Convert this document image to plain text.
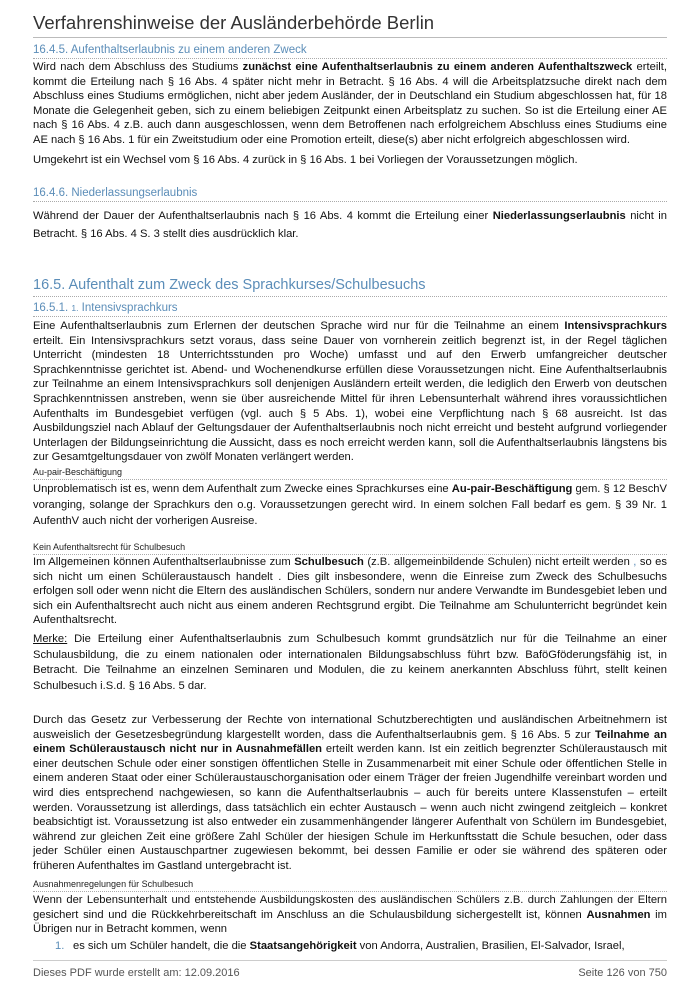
Verfahrenshinweise der Ausländerbehörde Berlin
16.4.5. Aufenthaltserlaubnis zu einem anderen Zweck
Wird nach dem Abschluss des Studiums zunächst eine Aufenthaltserlaubnis zu einem anderen Aufenthaltszweck erteilt, kommt die Erteilung nach § 16 Abs. 4 später nicht mehr in Betracht. § 16 Abs. 4 will die Arbeitsplatzsuche direkt nach dem Abschluss eines Studiums ermöglichen, nicht aber jedem Ausländer, der in Deutschland ein Studium abgeschlossen hat, für 18 Monate die Gelegenheit geben, sich zu einem beliebigen Zeitpunkt einen Arbeitsplatz zu suchen. So ist die Erteilung einer AE nach § 16 Abs. 4 z.B. auch dann ausgeschlossen, wenn dem Betroffenen nach erfolgreichem Abschluss eines Studiums eine AE nach § 16 Abs. 1 für ein Zweitstudium oder eine Promotion erteilt, diese(s) aber nicht erfolgreich abgeschlossen wird.
Umgekehrt ist ein Wechsel vom § 16 Abs. 4 zurück in § 16 Abs. 1 bei Vorliegen der Voraussetzungen möglich.
16.4.6. Niederlassungserlaubnis
Während der Dauer der Aufenthaltserlaubnis nach § 16 Abs. 4 kommt die Erteilung einer Niederlassungserlaubnis nicht in Betracht. § 16 Abs. 4 S. 3 stellt dies ausdrücklich klar.
16.5. Aufenthalt zum Zweck des Sprachkurses/Schulbesuchs
16.5.1. 1. Intensivsprachkurs
Eine Aufenthaltserlaubnis zum Erlernen der deutschen Sprache wird nur für die Teilnahme an einem Intensivsprachkurs erteilt. Ein Intensivsprachkurs setzt voraus, dass seine Dauer von vornherein zeitlich begrenzt ist, in der Regel täglichen Unterricht (mindesten 18 Unterrichtsstunden pro Woche) umfasst und auf den Erwerb umfangreicher deutscher Sprachkenntnisse gerichtet ist. Abend- und Wochenendkurse erfüllen diese Voraussetzungen nicht. Eine Aufenthaltserlaubnis zur Teilnahme an einem Intensivsprachkurs soll denjenigen Ausländern erteilt werden, die lediglich den Erwerb von deutschen Sprachkenntnissen anstreben, wenn sie über ausreichende Mittel für ihren Lebensunterhalt während ihres voraussichtlichen Aufenthalts im Bundesgebiet verfügen (vgl. auch § 5 Abs. 1), wobei eine Verpflichtung nach § 68 ausreicht. Ist das Ausbildungsziel nach Ablauf der Geltungsdauer der Aufenthaltserlaubnis noch nicht erreicht und besteht aufgrund vorliegender Unterlagen der Bildungseinrichtung die Aussicht, dass es noch erreicht werden kann, soll die Aufenthaltserlaubnis längstens bis zur Gesamtgeltungsdauer von zwölf Monaten verlängert werden.
Au-pair-Beschäftigung
Unproblematisch ist es, wenn dem Aufenthalt zum Zwecke eines Sprachkurses eine Au-pair-Beschäftigung gem. § 12 BeschV voranging, solange der Sprachkurs den o.g. Voraussetzungen gerecht wird. In einem solchen Fall bedarf es gem. § 39 Nr. 1 AufenthV auch nicht der vorherigen Ausreise.
Kein Aufenthaltsrecht für Schulbesuch
Im Allgemeinen können Aufenthaltserlaubnisse zum Schulbesuch (z.B. allgemeinbildende Schulen) nicht erteilt werden , so es sich nicht um einen Schüleraustausch handelt . Dies gilt insbesondere, wenn die Einreise zum Zweck des Schulbesuchs erfolgen soll oder wenn nicht die Eltern des ausländischen Schülers, sondern nur andere Verwandte im Bundesgebiet leben und sich ein Aufenthaltsrecht auch nicht aus einem anderen Rechtsgrund ergibt. Die Teilnahme am Schulunterricht begründet kein Aufenthaltsrecht.
Merke: Die Erteilung einer Aufenthaltserlaubnis zum Schulbesuch kommt grundsätzlich nur für die Teilnahme an einer Schulausbildung, die zu einem nationalen oder internationalen Bildungsabschluss führt bzw. BaföGföderungsfähig ist, in Betracht. Die Teilnahme an einzelnen Seminaren und Modulen, die zu keinem anerkannten Abschluss führt, stellt keinen Schulbesuch i.S.d. § 16 Abs. 5 dar.
Durch das Gesetz zur Verbesserung der Rechte von international Schutzberechtigten und ausländischen Arbeitnehmern ist ausweislich der Gesetzesbegründung klargestellt worden, dass die Aufenthaltserlaubnis gem. § 16 Abs. 5 zur Teilnahme an einem Schüleraustausch nicht nur in Ausnahmefällen erteilt werden kann. Ist ein zeitlich begrenzter Schüleraustausch mit einer deutschen Schule oder einer sonstigen öffentlichen Stelle in Zusammenarbeit mit einer Schule oder öffentlichen Stelle in einem anderen Staat oder einer Schüleraustauschorganisation oder einem Träger der freien Jugendhilfe vereinbart worden und wird dies entsprechend nachgewiesen, so kann die Aufenthaltserlaubnis – auch für bereits untere Klassenstufen – erteilt werden. Voraussetzung ist allerdings, dass tatsächlich ein echter Austausch – wenn auch nicht zwingend zeitgleich – konkret beabsichtigt ist. Voraussetzung ist also entweder ein zusammenhängender längerer Aufenthalt von Schülern im Bundesgebiet, während zur gleichen Zeit eine größere Zahl Schüler der hiesigen Schule im Herkunftsstatt die Schule besuchen, oder dass jeder Schüler einen Austauschpartner zugewiesen bekommt, bei dessen Familie er oder sie während des späteren oder früheren Aufenthaltes im Gastland untergebracht ist.
Ausnahmenregelungen für Schulbesuch
Wenn der Lebensunterhalt und entstehende Ausbildungskosten des ausländischen Schülers z.B. durch Zahlungen der Eltern gesichert sind und die Rückkehrbereitschaft im Anschluss an die Schulausbildung sichergestellt ist, können Ausnahmen im Übrigen nur in Betracht kommen, wenn
1. es sich um Schüler handelt, die die Staatsangehörigkeit von Andorra, Australien, Brasilien, El-Salvador, Israel,
Dieses PDF wurde erstellt am: 12.09.2016	Seite 126 von 750
